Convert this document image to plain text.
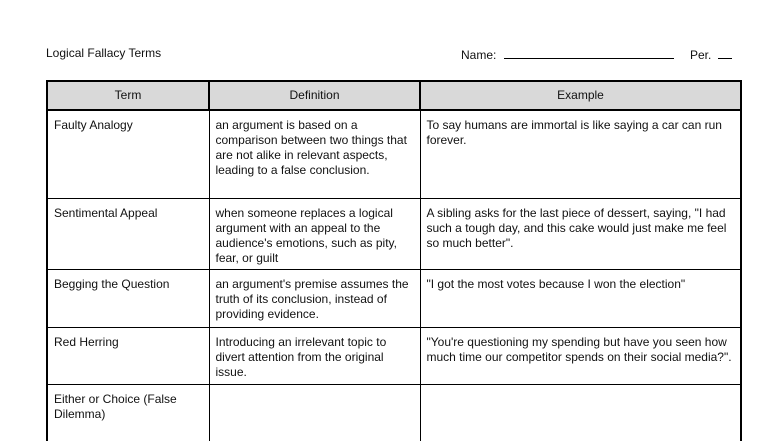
Logical Fallacy Terms	Name:	Per.
Term	Definition	Example
Faulty Analogy	an argument is based on a comparison between two things that are not alike in relevant aspects, leading to a false conclusion.	To say humans are immortal is like saying a car can run forever.
Sentimental Appeal	when someone replaces a logical argument with an appeal to the audience's emotions, such as pity, fear, or guilt	A sibling asks for the last piece of dessert, saying, "I had such a tough day, and this cake would just make me feel so much better".
Begging the Question	an argument's premise assumes the truth of its conclusion, instead of providing evidence.	"I got the most votes because I won the election"
Red Herring	Introducing an irrelevant topic to divert attention from the original issue.	"You're questioning my spending but have you seen how much time our competitor spends on their social media?".
Either or Choice (False Dilemma)		
